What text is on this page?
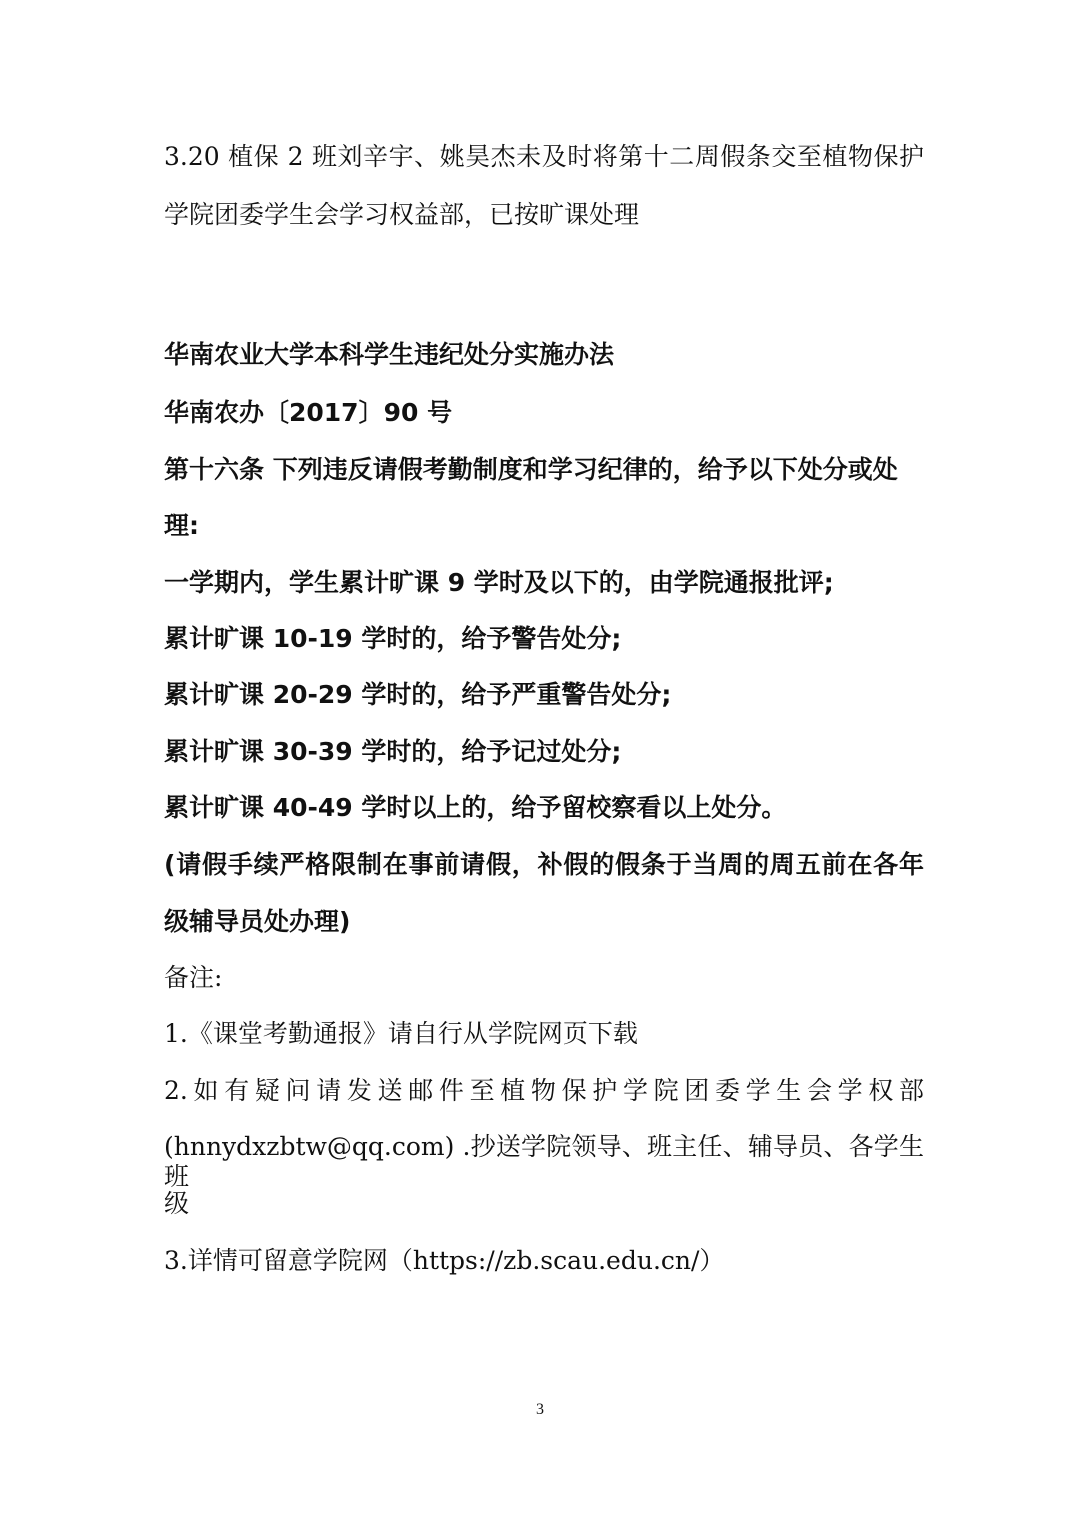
3.20 植保 2 班刘辛宇、姚昊杰未及时将第十二周假条交至植物保护
学院团委学生会学习权益部，已按旷课处理
华南农业大学本科学生违纪处分实施办法
华南农办〔2017〕90 号
第十六条 下列违反请假考勤制度和学习纪律的，给予以下处分或处
理:
一学期内，学生累计旷课 9 学时及以下的，由学院通报批评;
累计旷课 10-19 学时的，给予警告处分;
累计旷课 20-29 学时的，给予严重警告处分;
累计旷课 30-39 学时的，给予记过处分;
累计旷课 40-49 学时以上的，给予留校察看以上处分。
(请假手续严格限制在事前请假，补假的假条于当周的周五前在各年
级辅导员处办理)
备注:
1.《课堂考勤通报》请自行从学院网页下载
2.如有疑问请发送邮件至植物保护学院团委学生会学权部
(hnnydxzbtw@qq.com) .抄送学院领导、班主任、辅导员、各学生班
级
3.详情可留意学院网（https://zb.scau.edu.cn/）
3
